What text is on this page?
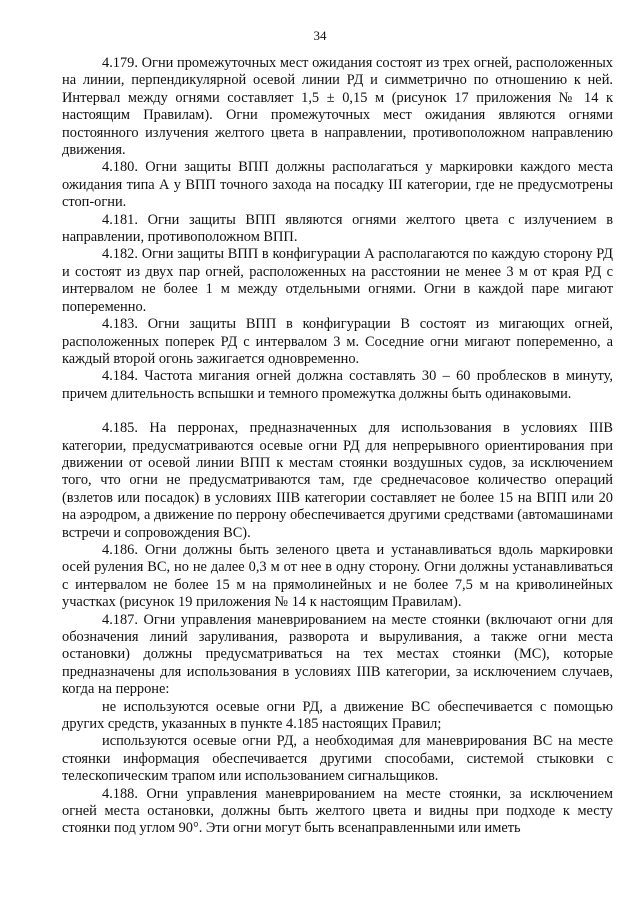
34

4.179. Огни промежуточных мест ожидания состоят из трех огней, расположенных на линии, перпендикулярной осевой линии РД и симметрично по отношению к ней. Интервал между огнями составляет 1,5 ± 0,15 м (рисунок 17 приложения № 14 к настоящим Правилам). Огни промежуточных мест ожидания являются огнями постоянного излучения желтого цвета в направлении, противоположном направлению движения.

4.180. Огни защиты ВПП должны располагаться у маркировки каждого места ожидания типа А у ВПП точного захода на посадку III категории, где не предусмотрены стоп-огни.

4.181. Огни защиты ВПП являются огнями желтого цвета с излучением в направлении, противоположном ВПП.

4.182. Огни защиты ВПП в конфигурации А располагаются по каждую сторону РД и состоят из двух пар огней, расположенных на расстоянии не менее 3 м от края РД с интервалом не более 1 м между отдельными огнями. Огни в каждой паре мигают попеременно.

4.183. Огни защиты ВПП в конфигурации В состоят из мигающих огней, расположенных поперек РД с интервалом 3 м. Соседние огни мигают попеременно, а каждый второй огонь зажигается одновременно.

4.184. Частота мигания огней должна составлять 30 – 60 проблесков в минуту, причем длительность вспышки и темного промежутка должны быть одинаковыми.

4.185. На перронах, предназначенных для использования в условиях IIIВ категории, предусматриваются осевые огни РД для непрерывного ориентирования при движении от осевой линии ВПП к местам стоянки воздушных судов, за исключением того, что огни не предусматриваются там, где среднечасовое количество операций (взлетов или посадок) в условиях IIIВ категории составляет не более 15 на ВПП или 20 на аэродром, а движение по перрону обеспечивается другими средствами (автомашинами встречи и сопровождения ВС).

4.186. Огни должны быть зеленого цвета и устанавливаться вдоль маркировки осей руления ВС, но не далее 0,3 м от нее в одну сторону. Огни должны устанавливаться с интервалом не более 15 м на прямолинейных и не более 7,5 м на криволинейных участках (рисунок 19 приложения № 14 к настоящим Правилам).

4.187. Огни управления маневрированием на месте стоянки (включают огни для обозначения линий заруливания, разворота и выруливания, а также огни места остановки) должны предусматриваться на тех местах стоянки (МС), которые предназначены для использования в условиях IIIВ категории, за исключением случаев, когда на перроне:

не используются осевые огни РД, а движение ВС обеспечивается с помощью других средств, указанных в пункте 4.185 настоящих Правил;

используются осевые огни РД, а необходимая для маневрирования ВС на месте стоянки информация обеспечивается другими способами, системой стыковки с телескопическим трапом или использованием сигнальщиков.

4.188. Огни управления маневрированием на месте стоянки, за исключением огней места остановки, должны быть желтого цвета и видны при подходе к месту стоянки под углом 90°. Эти огни могут быть всенаправленными или иметь
